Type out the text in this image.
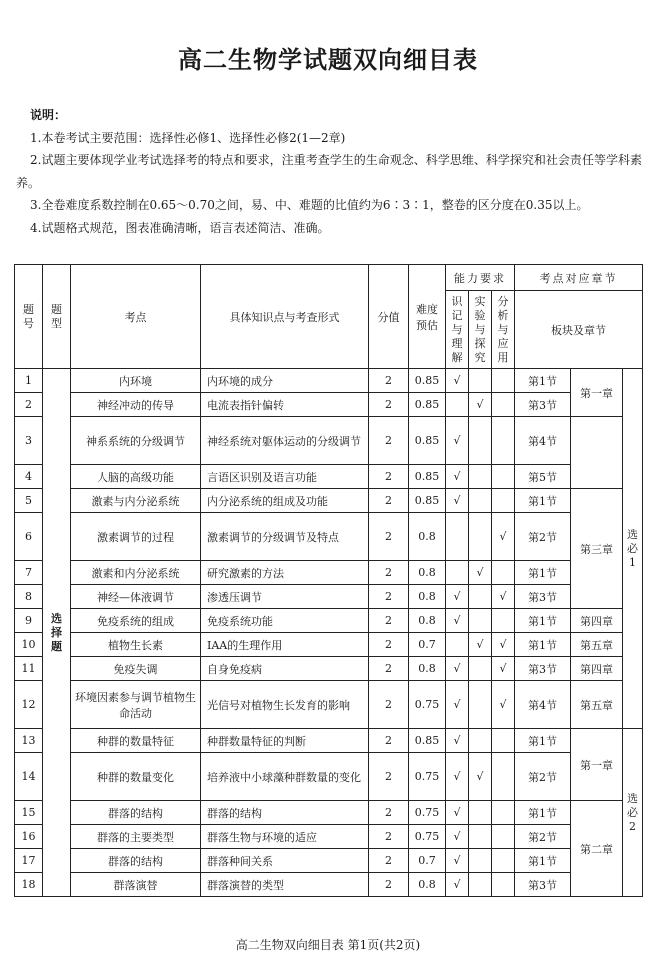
高二生物学试题双向细目表
说明：
1.本卷考试主要范围：选择性必修1、选择性必修2(1—2章)
2.试题主要体现学业考试选择考的特点和要求，注重考查学生的生命观念、科学思维、科学探究和社会责任等学科素养。
3.全卷难度系数控制在0.65～0.70之间，易、中、难题的比值约为6∶3∶1，整卷的区分度在0.35以上。
4.试题格式规范，图表准确清晰，语言表述简洁、准确。
题号	题型	考点	具体知识点与考查形式	分值	难度预估	能力要求			考点对应章节			
						识记与理解	实验与探究	分析与应用	板块及章节			
1	选择题	内环境	内环境的成分	2	0.85	√			第1节	第一章	选必1	
2		神经冲动的传导	电流表指针偏转	2	0.85		√		第3节	
3		神系系统的分级调节	神经系统对躯体运动的分级调节	2	0.85	√			第4节			
4		人脑的高级功能	言语区识别及语言功能	2	0.85	√			第5节			
5		激素与内分泌系统	内分泌系统的组成及功能	2	0.85	√			第1节	第三章		
6		激素调节的过程	激素调节的分级调节及特点	2	0.8			√	第2节			
7		激素和内分泌系统	研究激素的方法	2	0.8		√		第1节			
8		神经—体液调节	渗透压调节	2	0.8	√		√	第3节			
9		免疫系统的组成	免疫系统功能	2	0.8	√			第1节	第四章		
10		植物生长素	IAA的生理作用	2	0.7		√	√	第1节	第五章		
11		免疫失调	自身免疫病	2	0.8	√		√	第3节	第四章		
12		环境因素参与调节植物生命活动	光信号对植物生长发育的影响	2	0.75	√		√	第4节	第五章		
13		种群的数量特征	种群数量特征的判断	2	0.85	√			第1节	第一章	选必2	
14		种群的数量变化	培养液中小球藻种群数量的变化	2	0.75	√	√		第2节			
15		群落的结构	群落的结构	2	0.75	√			第1节	第二章		
16		群落的主要类型	群落生物与环境的适应	2	0.75	√			第2节			
17		群落的结构	群落种间关系	2	0.7	√			第1节			
18		群落演替	群落演替的类型	2	0.8	√			第3节			
高二生物双向细目表 第1页(共2页)
